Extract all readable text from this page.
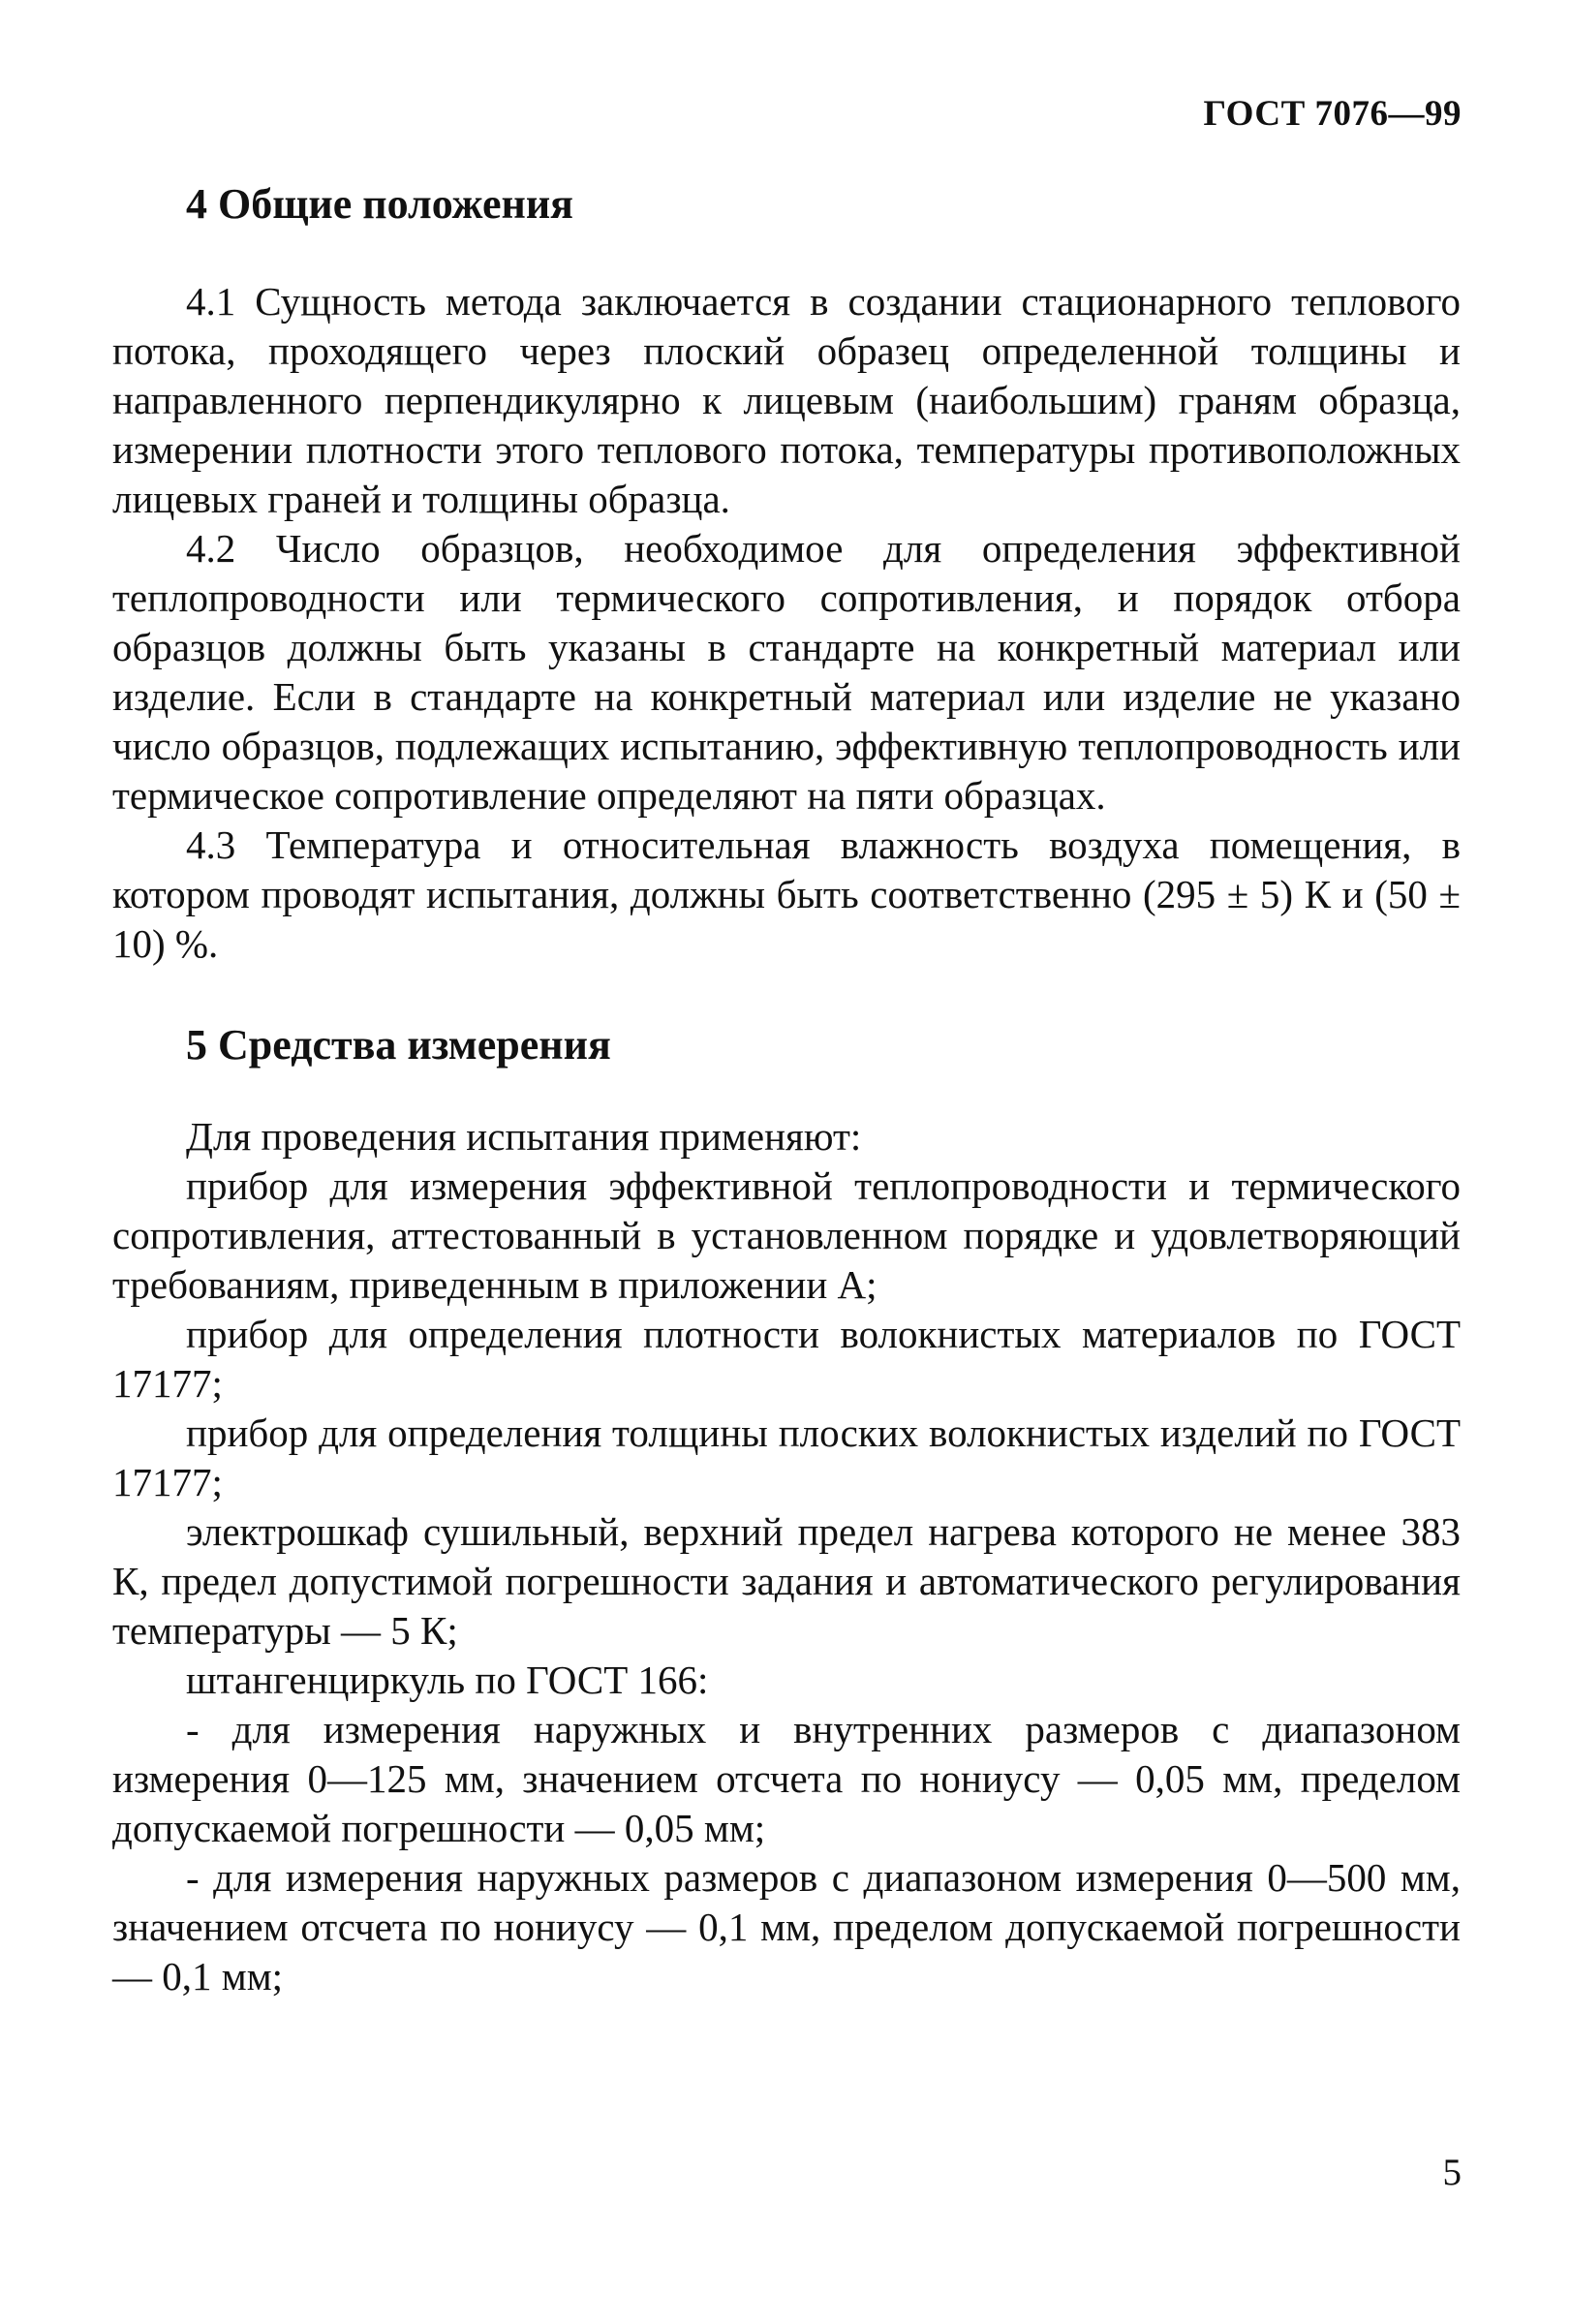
ГОСТ 7076—99
4 Общие положения

4.1 Сущность метода заключается в создании стационарного теплового потока, проходящего через плоский образец определенной толщины и направленного перпендикулярно к лицевым (наибольшим) граням образца, измерении плотности этого теплового потока, температуры противоположных лицевых граней и толщины образца.

4.2 Число образцов, необходимое для определения эффективной теплопроводности или термического сопротивления, и порядок отбора образцов должны быть указаны в стандарте на конкретный материал или изделие. Если в стандарте на конкретный материал или изделие не указано число образцов, подлежащих испытанию, эффективную теплопроводность или термическое сопротивление определяют на пяти образцах.

4.3 Температура и относительная влажность воздуха помещения, в котором проводят испытания, должны быть соответственно (295 ± 5) К и (50 ± 10) %.

5 Средства измерения

Для проведения испытания применяют:

прибор для измерения эффективной теплопроводности и термического сопротивления, аттестованный в установленном порядке и удовлетворяющий требованиям, приведенным в приложении А;

прибор для определения плотности волокнистых материалов по ГОСТ 17177;

прибор для определения толщины плоских волокнистых изделий по ГОСТ 17177;

электрошкаф сушильный, верхний предел нагрева которого не менее 383 К, предел допустимой погрешности задания и автоматического регулирования температуры — 5 К;

штангенциркуль по ГОСТ 166:

- для измерения наружных и внутренних размеров с диапазоном измерения 0—125 мм, значением отсчета по нониусу — 0,05 мм, пределом допускаемой погрешности — 0,05 мм;

- для измерения наружных размеров с диапазоном измерения 0—500 мм, значением отсчета по нониусу — 0,1 мм, пределом допускаемой погрешности — 0,1 мм;

5
